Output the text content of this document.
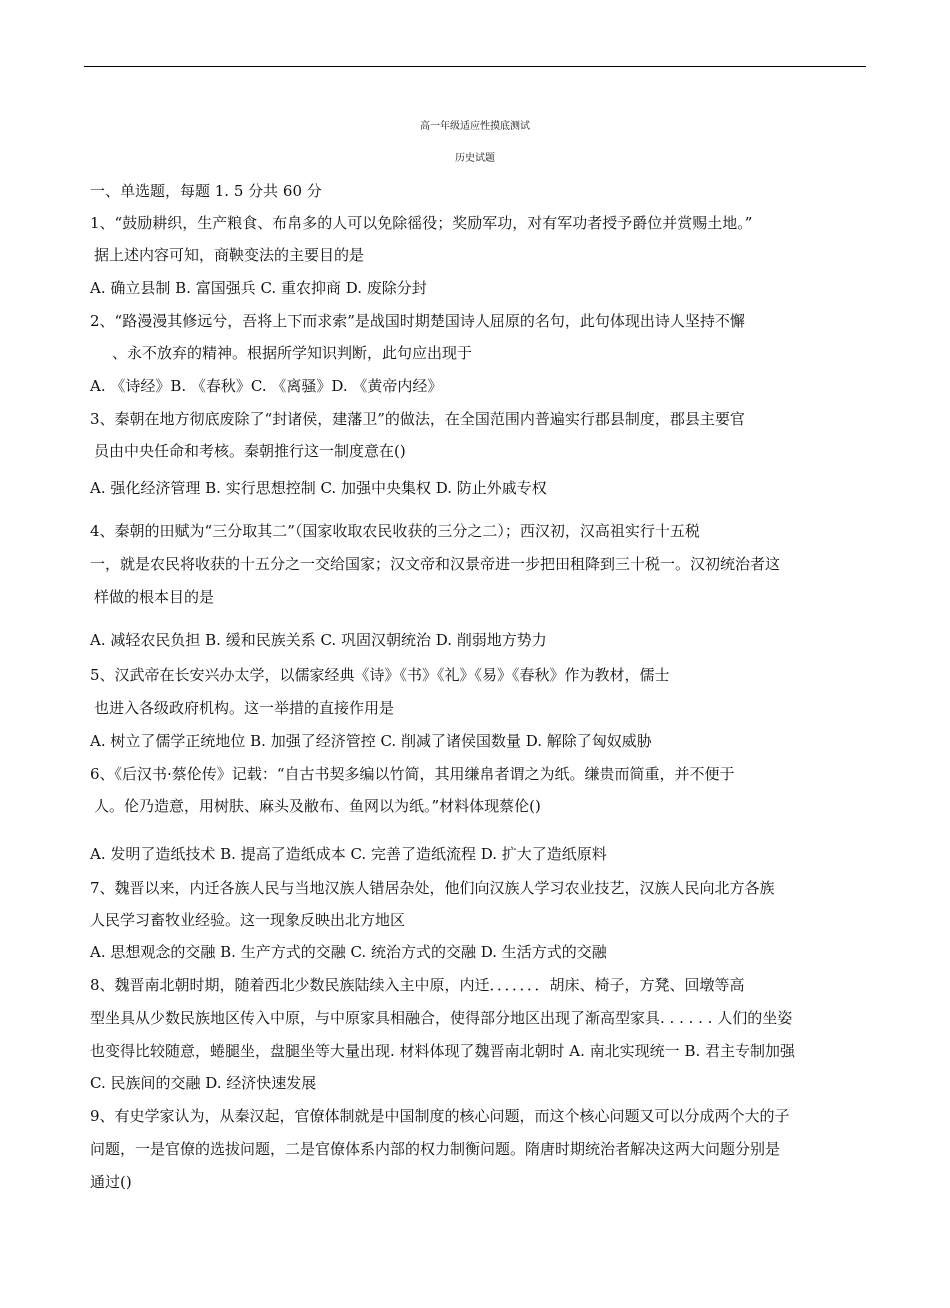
高一年级适应性摸底测试
历史试题
一、单选题，每题 1. 5 分共 60 分
1、“鼓励耕织，生产粮食、布帛多的人可以免除徭役；奖励军功，对有军功者授予爵位并赏赐土地。”
据上述内容可知，商鞅变法的主要目的是
A. 确立县制 B. 富国强兵 C. 重农抑商 D. 废除分封
2、“路漫漫其修远兮，吾将上下而求索”是战国时期楚国诗人屈原的名句，此句体现出诗人坚持不懈
、永不放弃的精神。根据所学知识判断，此句应出现于
A. 《诗经》B. 《春秋》C. 《离骚》D. 《黄帝内经》
3、秦朝在地方彻底废除了“封诸侯，建藩卫”的做法，在全国范围内普遍实行郡县制度，郡县主要官
员由中央任命和考核。秦朝推行这一制度意在()
A. 强化经济管理 B. 实行思想控制 C. 加强中央集权 D. 防止外戚专权
4、秦朝的田赋为“三分取其二”（国家收取农民收获的三分之二）；西汉初，汉高祖实行十五税
一，就是农民将收获的十五分之一交给国家；汉文帝和汉景帝进一步把田租降到三十税一。汉初统治者这
样做的根本目的是
A. 减轻农民负担 B. 缓和民族关系 C. 巩固汉朝统治 D. 削弱地方势力
5、汉武帝在长安兴办太学，以儒家经典《诗》《书》《礼》《易》《春秋》作为教材，儒士
也进入各级政府机构。这一举措的直接作用是
A. 树立了儒学正统地位 B. 加强了经济管控 C. 削减了诸侯国数量 D. 解除了匈奴威胁
6、《后汉书·蔡伦传》记载：“自古书契多编以竹简，其用缣帛者谓之为纸。缣贵而简重，并不便于
人。伦乃造意，用树肤、麻头及敝布、鱼网以为纸。”材料体现蔡伦()
A. 发明了造纸技术 B. 提高了造纸成本 C. 完善了造纸流程 D. 扩大了造纸原料
7、魏晋以来，内迁各族人民与当地汉族人错居杂处，他们向汉族人学习农业技艺，汉族人民向北方各族
人民学习畜牧业经验。这一现象反映出北方地区
A. 思想观念的交融 B. 生产方式的交融 C. 统治方式的交融 D. 生活方式的交融
8、魏晋南北朝时期，随着西北少数民族陆续入主中原，内迁．．．．．．．胡床、椅子，方凳、回墩等高
型坐具从少数民族地区传入中原，与中原家具相融合，使得部分地区出现了渐高型家具. . . . . . 人们的坐姿
也变得比较随意，蜷腿坐，盘腿坐等大量出现. 材料体现了魏晋南北朝时 A. 南北实现统一 B. 君主专制加强
C. 民族间的交融 D. 经济快速发展
9、有史学家认为，从秦汉起，官僚体制就是中国制度的核心问题，而这个核心问题又可以分成两个大的子
问题，一是官僚的选拔问题，二是官僚体系内部的权力制衡问题。隋唐时期统治者解决这两大问题分别是
通过()
